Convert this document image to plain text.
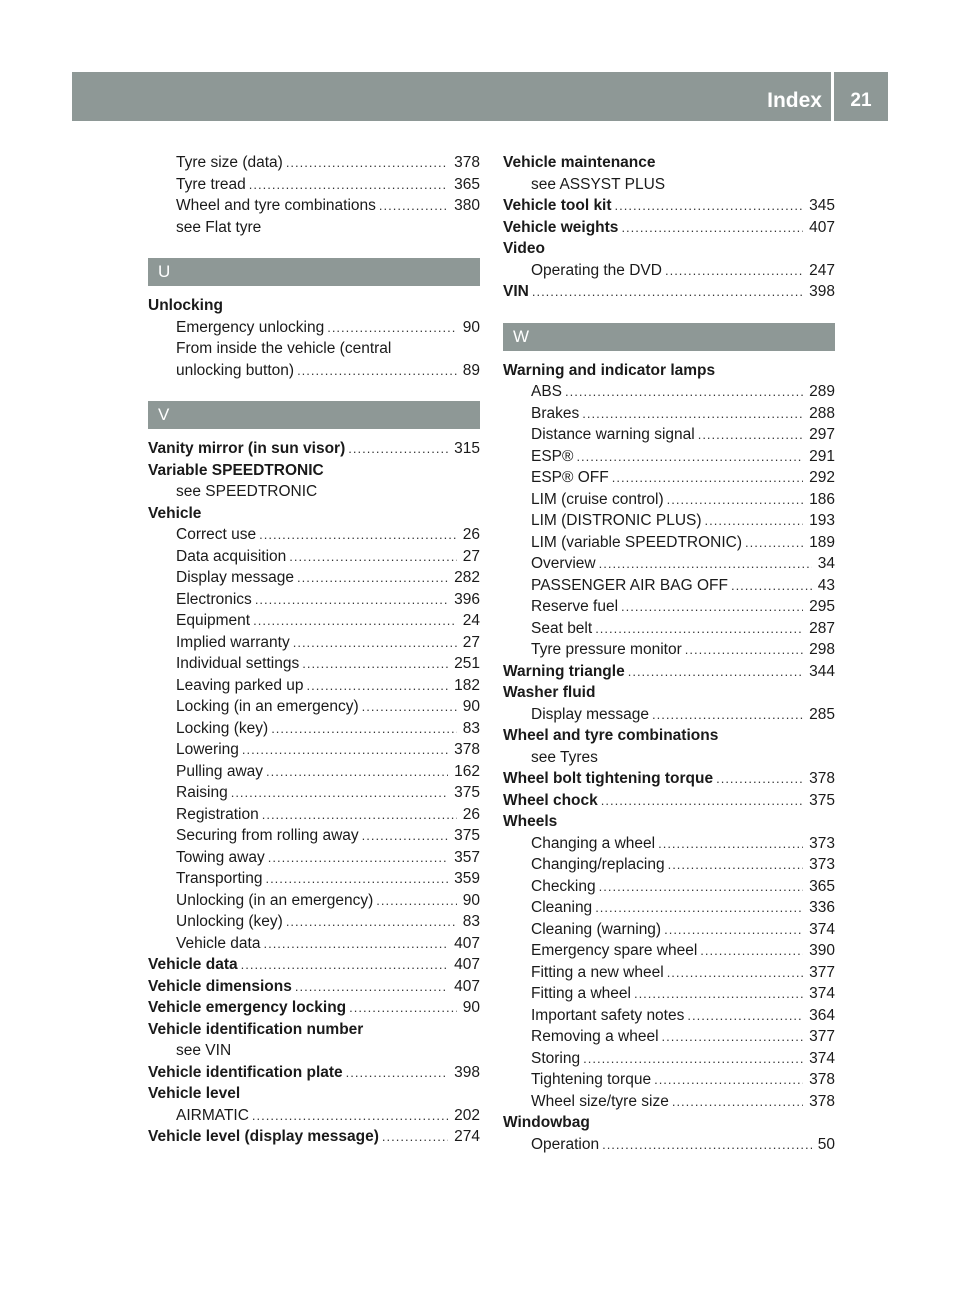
Index	21
Tyre size (data) .....	378
Tyre tread .....	365
Wheel and tyre combinations .....	380
see Flat tyre
U
Unlocking
Emergency unlocking .....	90
From inside the vehicle (central
unlocking button) .....	89
V
Vanity mirror (in sun visor) .....	315
Variable SPEEDTRONIC
see SPEEDTRONIC
Vehicle
Correct use .....	26
Data acquisition .....	27
Display message .....	282
Electronics .....	396
Equipment .....	24
Implied warranty .....	27
Individual settings .....	251
Leaving parked up .....	182
Locking (in an emergency) .....	90
Locking (key) .....	83
Lowering .....	378
Pulling away .....	162
Raising .....	375
Registration .....	26
Securing from rolling away .....	375
Towing away .....	357
Transporting .....	359
Unlocking (in an emergency) .....	90
Unlocking (key) .....	83
Vehicle data .....	407
Vehicle data .....	407
Vehicle dimensions .....	407
Vehicle emergency locking .....	90
Vehicle identification number
see VIN
Vehicle identification plate .....	398
Vehicle level
AIRMATIC .....	202
Vehicle level (display message) .....	274
Vehicle maintenance
see ASSYST PLUS
Vehicle tool kit .....	345
Vehicle weights .....	407
Video
Operating the DVD .....	247
VIN .....	398
W
Warning and indicator lamps
ABS .....	289
Brakes .....	288
Distance warning signal .....	297
ESP® .....	291
ESP® OFF .....	292
LIM (cruise control) .....	186
LIM (DISTRONIC PLUS) .....	193
LIM (variable SPEEDTRONIC) .....	189
Overview .....	34
PASSENGER AIR BAG OFF .....	43
Reserve fuel .....	295
Seat belt .....	287
Tyre pressure monitor .....	298
Warning triangle .....	344
Washer fluid
Display message .....	285
Wheel and tyre combinations
see Tyres
Wheel bolt tightening torque .....	378
Wheel chock .....	375
Wheels
Changing a wheel .....	373
Changing/replacing .....	373
Checking .....	365
Cleaning .....	336
Cleaning (warning) .....	374
Emergency spare wheel .....	390
Fitting a new wheel .....	377
Fitting a wheel .....	374
Important safety notes .....	364
Removing a wheel .....	377
Storing .....	374
Tightening torque .....	378
Wheel size/tyre size .....	378
Windowbag
Operation .....	50
